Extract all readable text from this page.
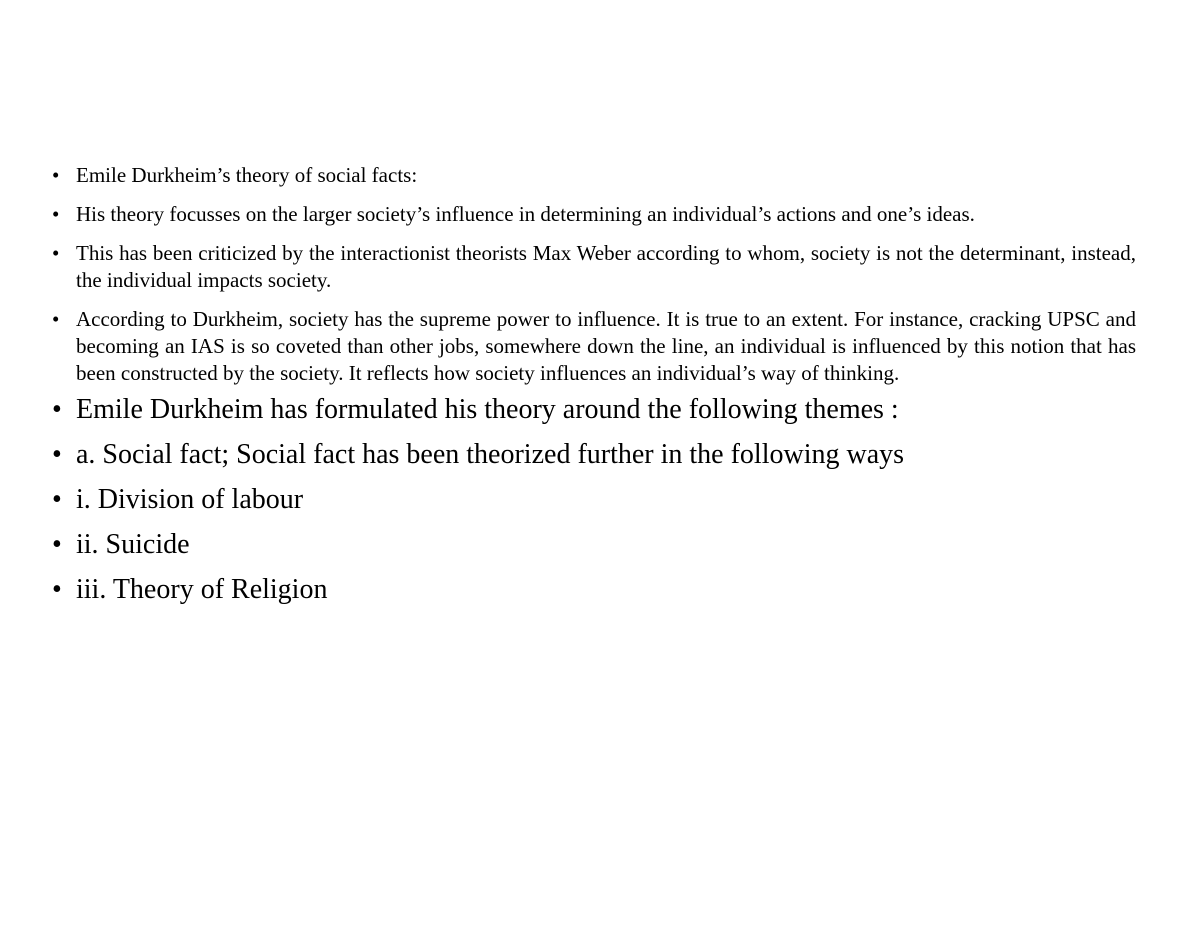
• Emile Durkheim’s theory of social facts:
• His theory focusses on the larger society’s influence in determining an individual’s actions and one’s ideas.
• This has been criticized by the interactionist theorists Max Weber according to whom, society is not the determinant, instead, the individual impacts society.
• According to Durkheim, society has the supreme power to influence. It is true to an extent. For instance, cracking UPSC and becoming an IAS is so coveted than other jobs, somewhere down the line, an individual is influenced by this notion that has been constructed by the society. It reflects how society influences an individual’s way of thinking.
• Emile Durkheim has formulated his theory around the following themes :
• a. Social fact; Social fact has been theorized further in the following ways
• i. Division of labour
• ii. Suicide
• iii. Theory of Religion
